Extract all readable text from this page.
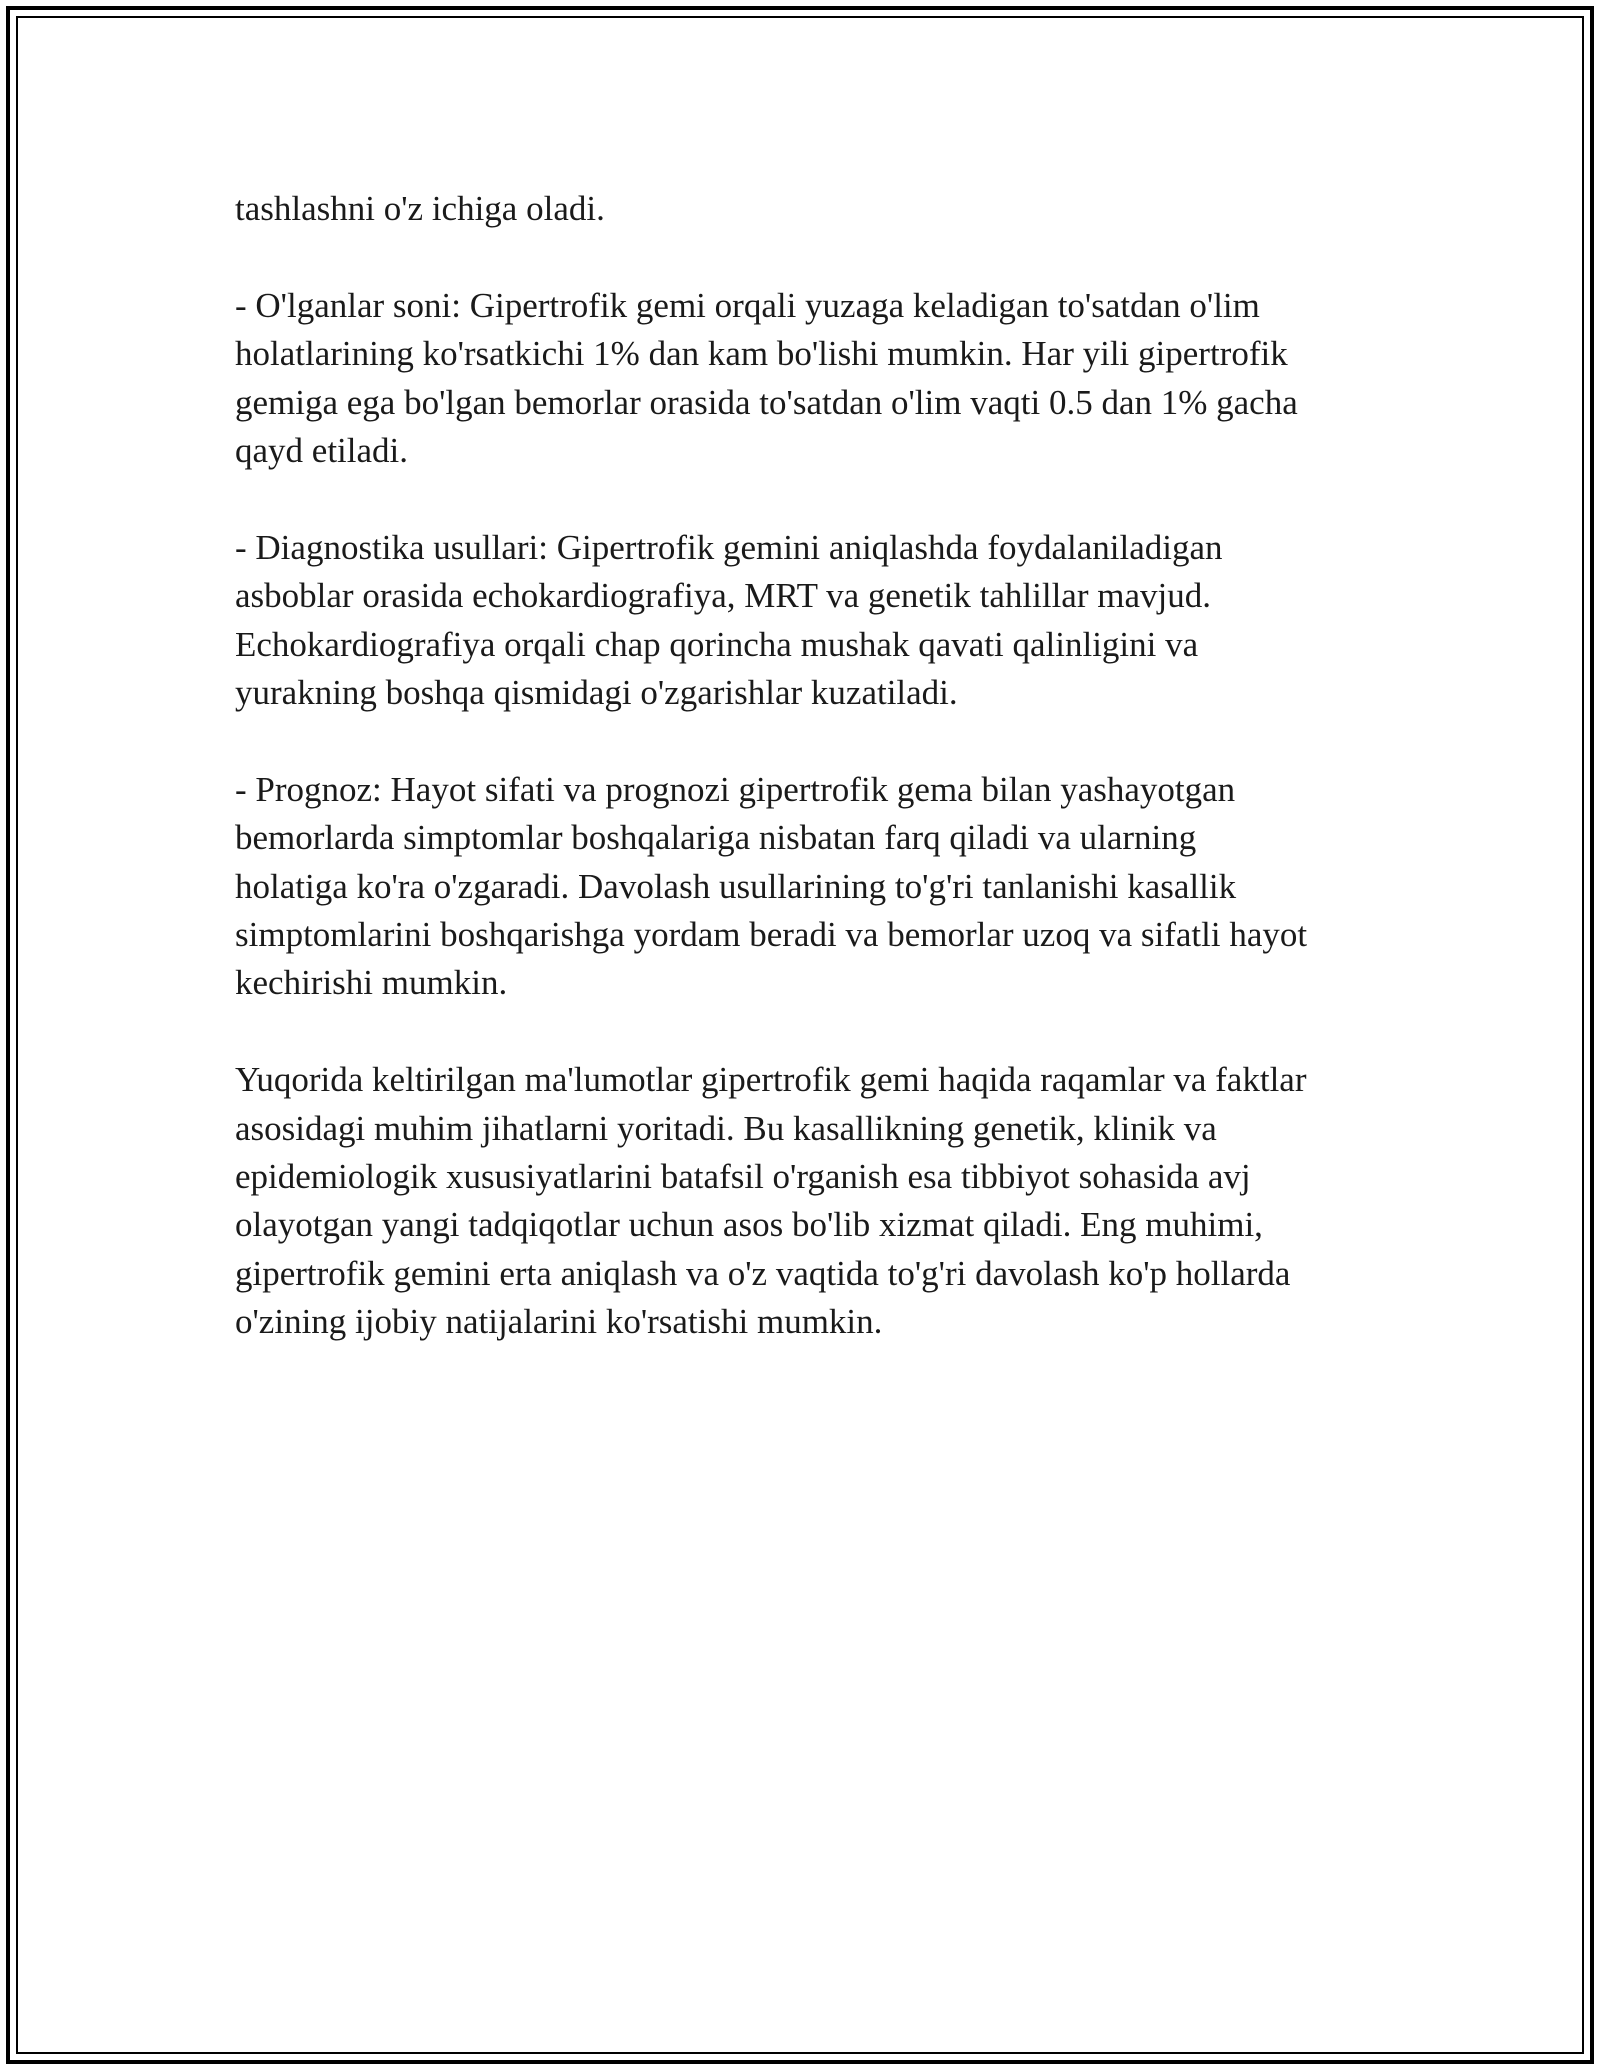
tashlashni o'z ichiga oladi.

- O'lganlar soni: Gipertrofik gemi orqali yuzaga keladigan to'satdan o'lim
holatlarining ko'rsatkichi 1% dan kam bo'lishi mumkin. Har yili gipertrofik
gemiga ega bo'lgan bemorlar orasida to'satdan o'lim vaqti 0.5 dan 1% gacha
qayd etiladi.

- Diagnostika usullari: Gipertrofik gemini aniqlashda foydalaniladigan
asboblar orasida echokardiografiya, MRT va genetik tahlillar mavjud.
Echokardiografiya orqali chap qorincha mushak qavati qalinligini va
yurakning boshqa qismidagi o'zgarishlar kuzatiladi.

- Prognoz: Hayot sifati va prognozi gipertrofik gema bilan yashayotgan
bemorlarda simptomlar boshqalariga nisbatan farq qiladi va ularning
holatiga ko'ra o'zgaradi. Davolash usullarining to'g'ri tanlanishi kasallik
simptomlarini boshqarishga yordam beradi va bemorlar uzoq va sifatli hayot
kechirishi mumkin.

Yuqorida keltirilgan ma'lumotlar gipertrofik gemi haqida raqamlar va faktlar
asosidagi muhim jihatlarni yoritadi. Bu kasallikning genetik, klinik va
epidemiologik xususiyatlarini batafsil o'rganish esa tibbiyot sohasida avj
olayotgan yangi tadqiqotlar uchun asos bo'lib xizmat qiladi. Eng muhimi,
gipertrofik gemini erta aniqlash va o'z vaqtida to'g'ri davolash ko'p hollarda
o'zining ijobiy natijalarini ko'rsatishi mumkin.
